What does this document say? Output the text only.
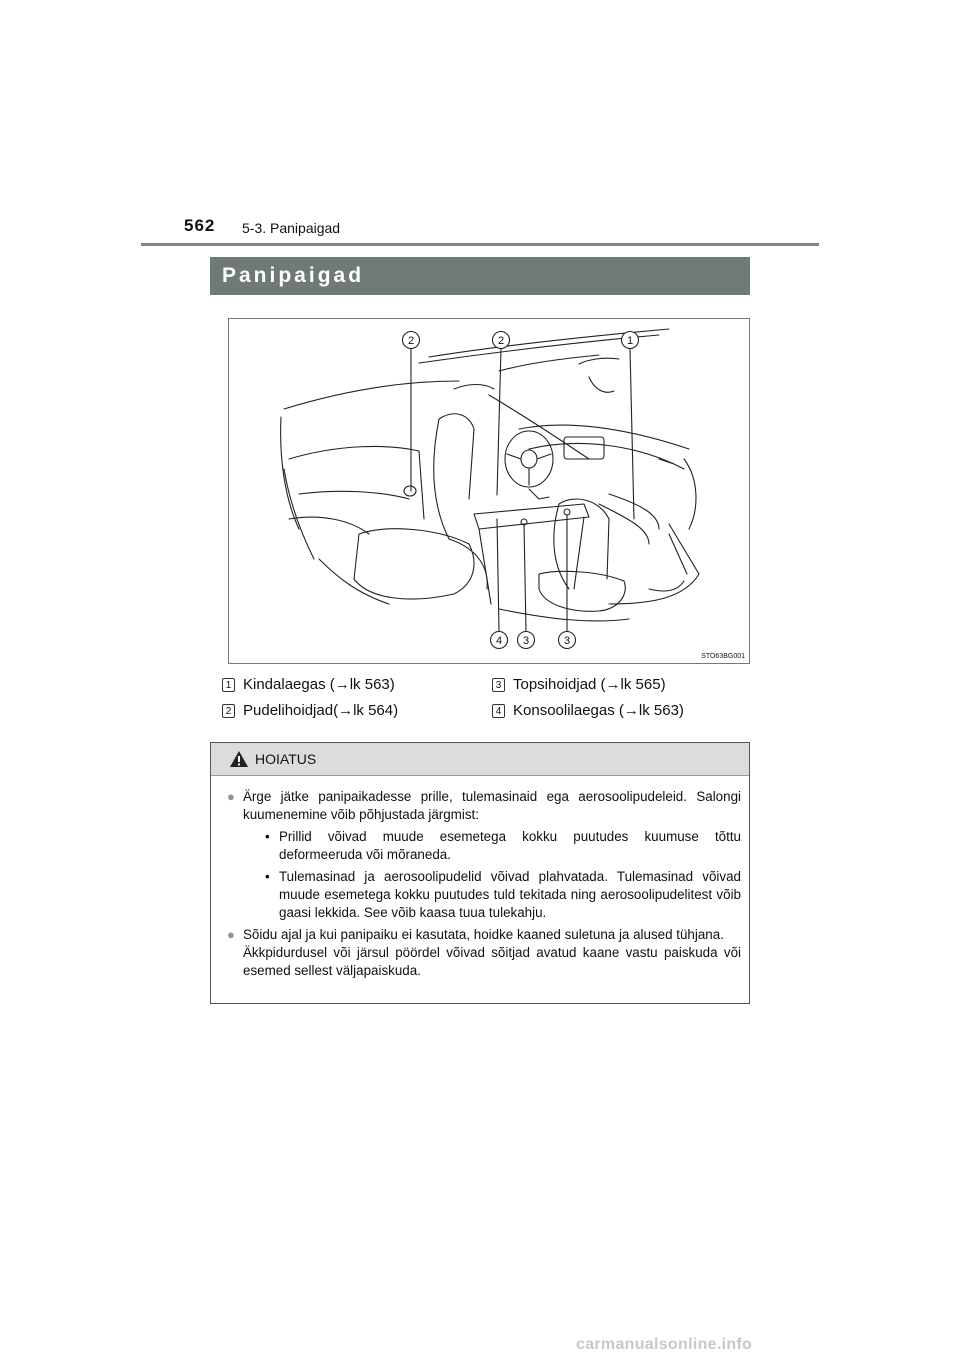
562 5-3. Panipaigad
Panipaigad
2	2	1
4 3	3
STO63BG001
1 Kindalaegas (→lk 563)
2 Pudelihoidjad(→lk 564)
3 Topsihoidjad (→lk 565)
4 Konsoolilaegas (→lk 563)
HOIATUS
● Ärge jätke panipaikadesse prille, tulemasinaid ega aerosoolipudeleid. Salongi kuumenemine võib põhjustada järgmist:
• Prillid võivad muude esemetega kokku puutudes kuumuse tõttu deformeeruda või mõraneda.
• Tulemasinad ja aerosoolipudelid võivad plahvatada. Tulemasinad võivad muude esemetega kokku puutudes tuld tekitada ning aerosoolipudelitest võib gaasi lekkida. See võib kaasa tuua tulekahju.
● Sõidu ajal ja kui panipaiku ei kasutata, hoidke kaaned suletuna ja alused tühjana.
Äkkpidurdusel või järsul pöördel võivad sõitjad avatud kaane vastu paiskuda või esemed sellest väljapaiskuda.
carmanualsonline.info
